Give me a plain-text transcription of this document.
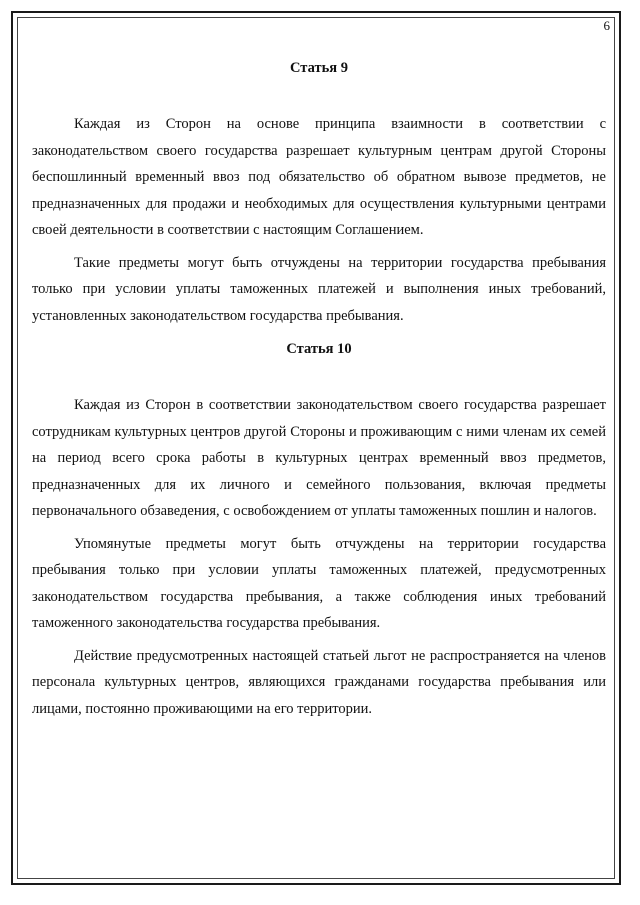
6

Статья 9

Каждая из Сторон на основе принципа взаимности в соответствии с законодательством своего государства разрешает культурным центрам другой Стороны беспошлинный временный ввоз под обязательство об обратном вывозе предметов, не предназначенных для продажи и необходимых для осуществления культурными центрами своей деятельности в соответствии с настоящим Соглашением.

Такие предметы могут быть отчуждены на территории государства пребывания только при условии уплаты таможенных платежей и выполнения иных требований, установленных законодательством государства пребывания.

Статья 10

Каждая из Сторон в соответствии законодательством своего государства разрешает сотрудникам культурных центров другой Стороны и проживающим с ними членам их семей на период всего срока работы в культурных центрах временный ввоз предметов, предназначенных для их личного и семейного пользования, включая предметы первоначального обзаведения, с освобождением от уплаты таможенных пошлин и налогов.

Упомянутые предметы могут быть отчуждены на территории государства пребывания только при условии уплаты таможенных платежей, предусмотренных законодательством государства пребывания, а также соблюдения иных требований таможенного законодательства государства пребывания.

Действие предусмотренных настоящей статьей льгот не распространяется на членов персонала культурных центров, являющихся гражданами государства пребывания или лицами, постоянно проживающими на его территории.
